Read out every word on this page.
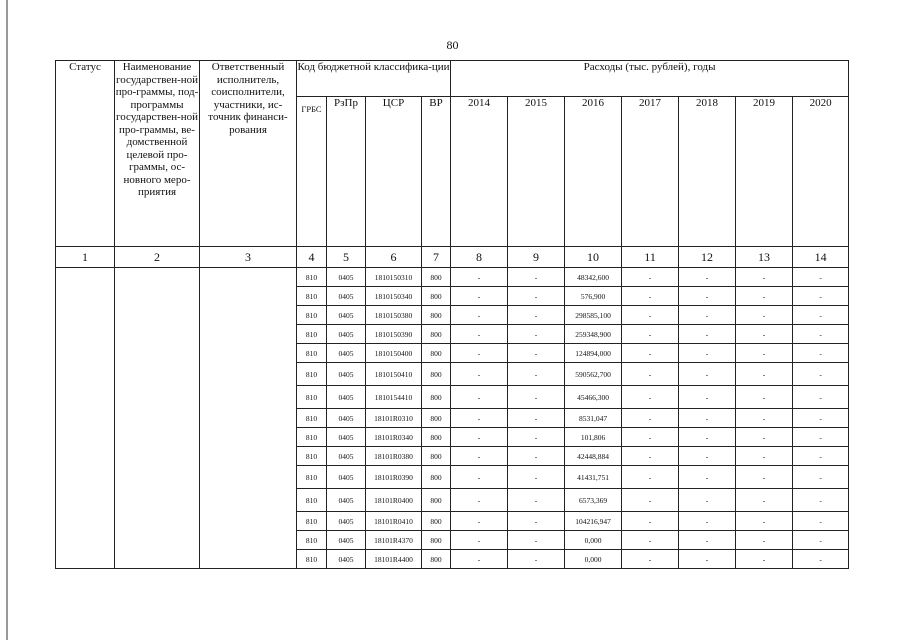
80
Статус	Наименование государствен-ной про-граммы, под-программы государствен-ной про-граммы, ве-домственной целевой про-граммы, ос-новного меро-приятия	Ответственный исполнитель, соисполнители, участники, ис-точник финанси-рования	Код бюджетной классифика-ции				Расходы (тыс. рублей), годы						
			ГРБС	РзПр	ЦСР	ВР	2014	2015	2016	2017	2018	2019	2020
1	2	3	4	5	6	7	8	9	10	11	12	13	14
			810	0405	1810150310	800	-	-	48342,600	-	-	-	-
			810	0405	1810150340	800	-	-	576,900	-	-	-	-
			810	0405	1810150380	800	-	-	298585,100	-	-	-	-
			810	0405	1810150390	800	-	-	259348,900	-	-	-	-
			810	0405	1810150400	800	-	-	124894,000	-	-	-	-
			810	0405	1810150410	800	-	-	590562,700	-	-	-	-
			810	0405	1810154410	800	-	-	45466,300	-	-	-	-
			810	0405	18101R0310	800	-	-	8531,047	-	-	-	-
			810	0405	18101R0340	800	-	-	101,806	-	-	-	-
			810	0405	18101R0380	800	-	-	42448,884	-	-	-	-
			810	0405	18101R0390	800	-	-	41431,751	-	-	-	-
			810	0405	18101R0400	800	-	-	6573,369	-	-	-	-
			810	0405	18101R0410	800	-	-	104216,947	-	-	-	-
			810	0405	18101R4370	800	-	-	0,000	-	-	-	-
			810	0405	18101R4400	800	-	-	0,000	-	-	-	-
